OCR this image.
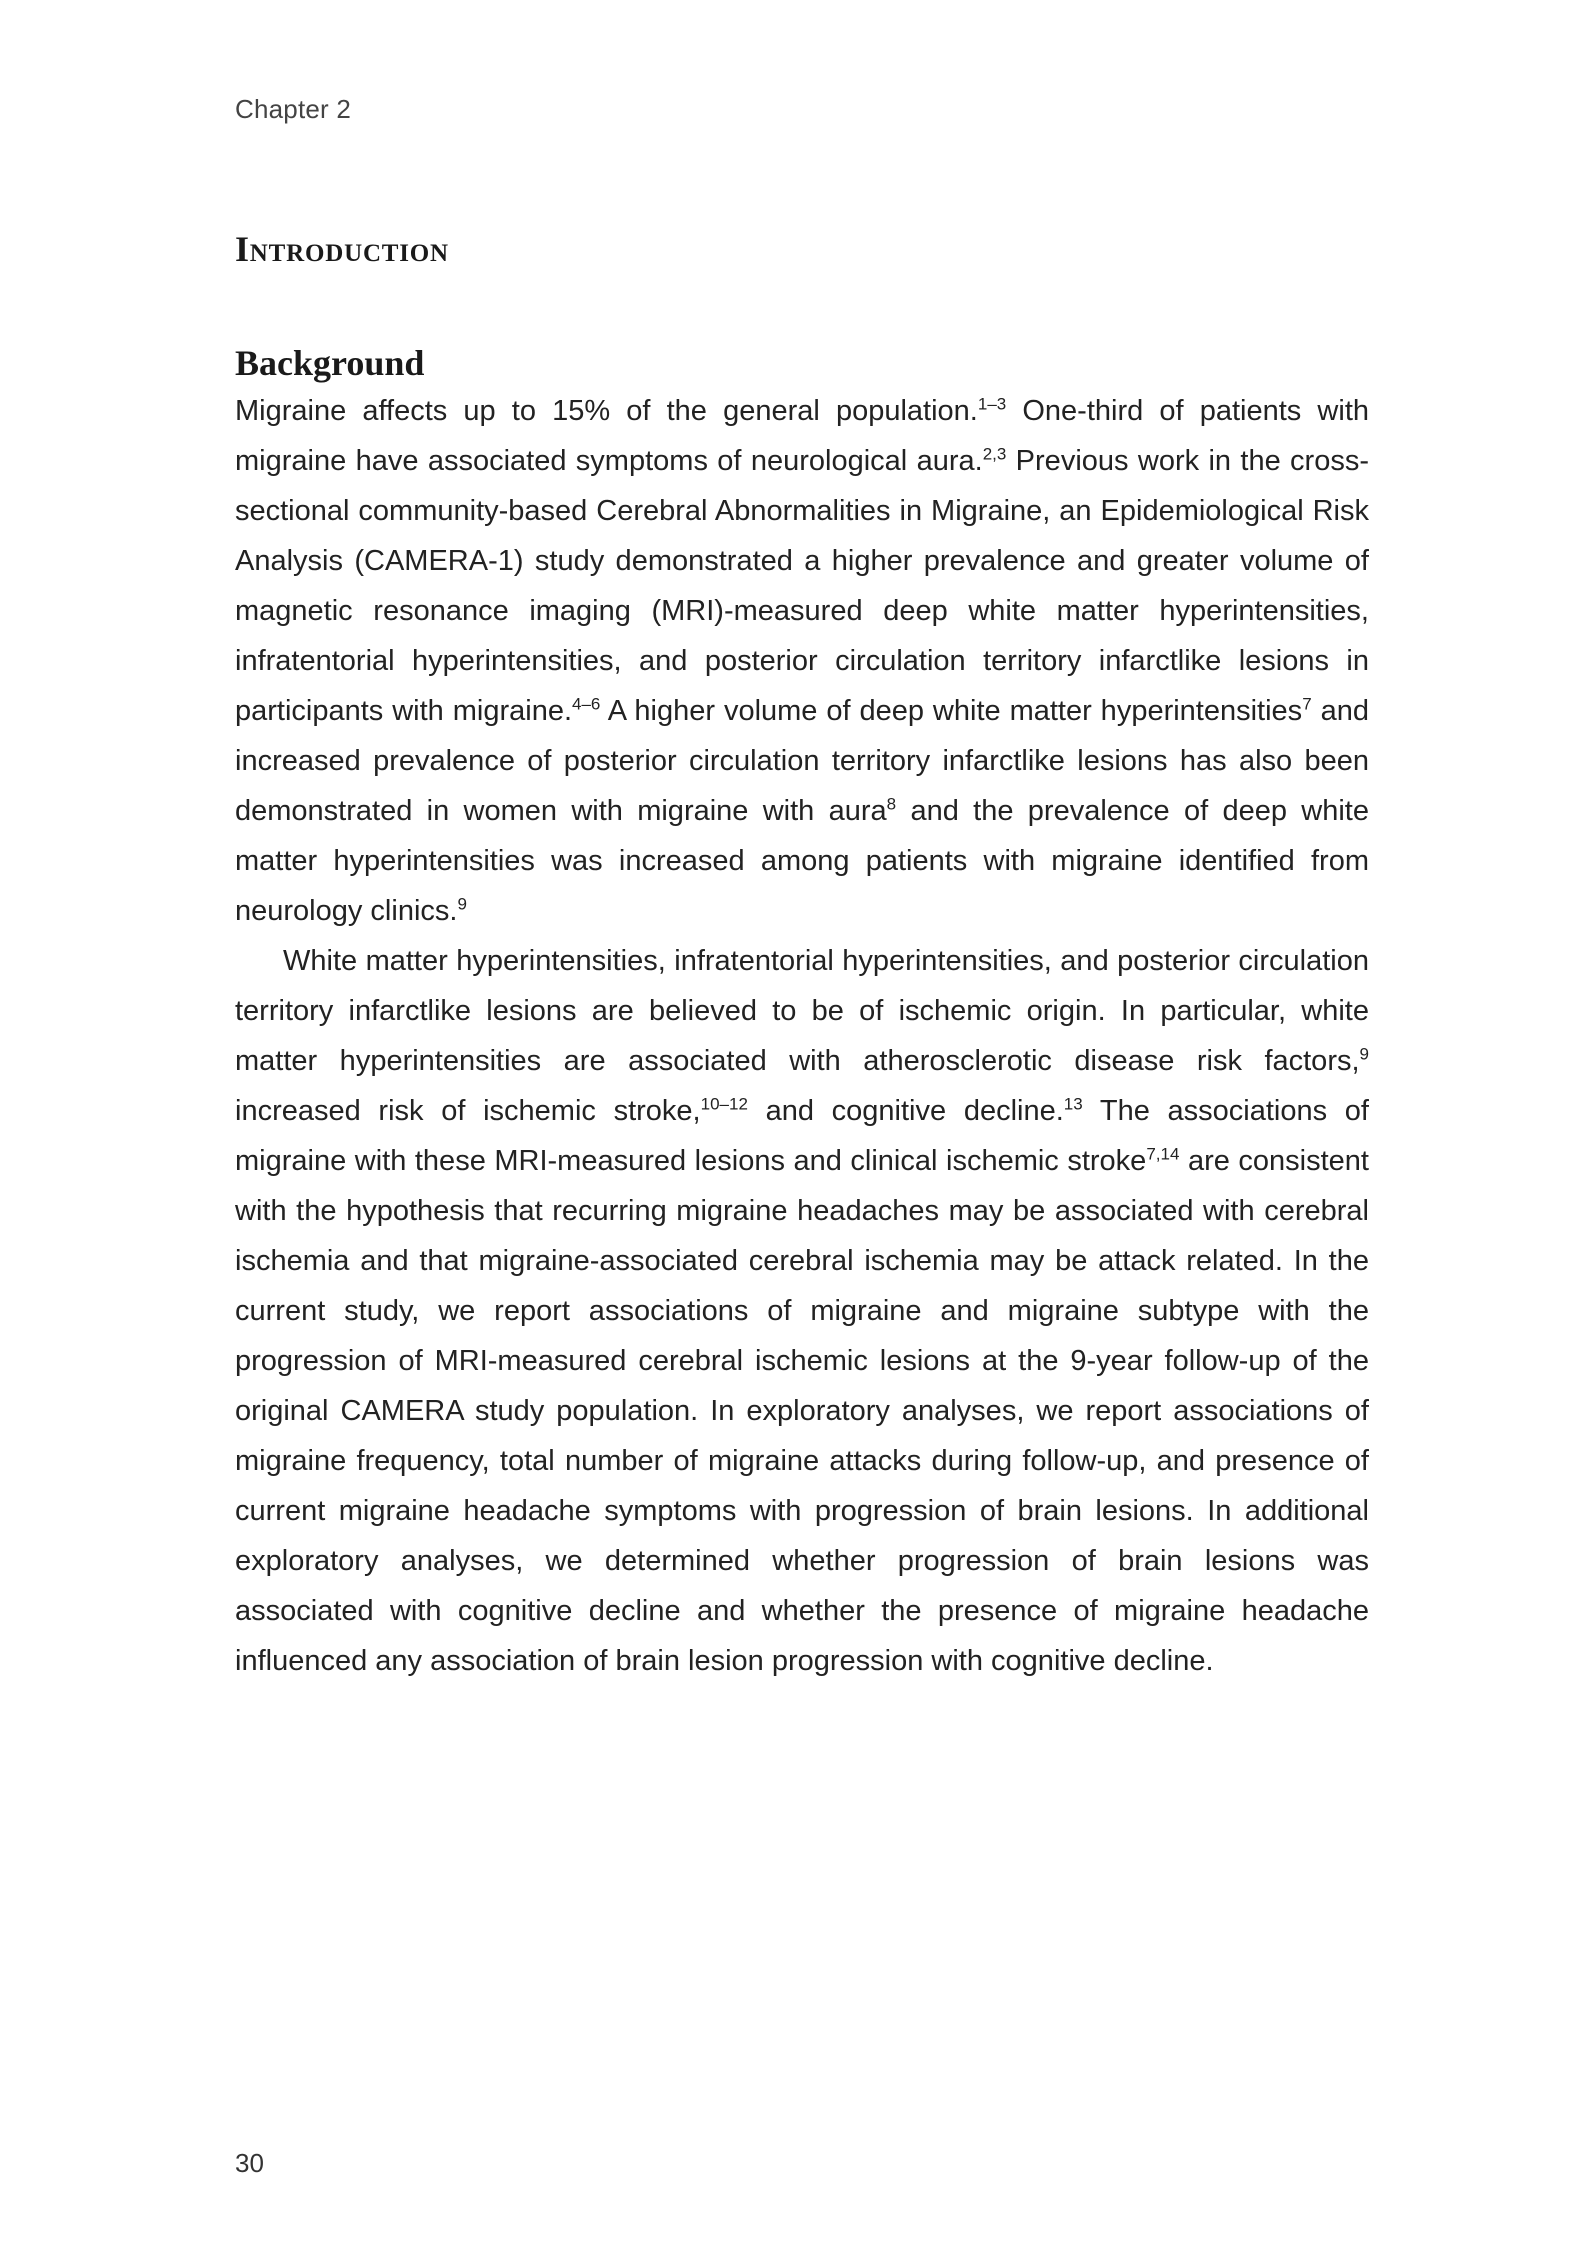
Chapter 2
Introduction
Background

Migraine affects up to 15% of the general population.$^{1-3}$ One-third of patients with migraine have associated symptoms of neurological aura.$^{2,3}$ Previous work in the cross-sectional community-based Cerebral Abnormalities in Migraine, an Epidemiological Risk Analysis (CAMERA-1) study demonstrated a higher prevalence and greater volume of magnetic resonance imaging (MRI)-measured deep white matter hyperintensities, infratentorial hyperintensities, and posterior circulation territory infarctlike lesions in participants with migraine.$^{4-6}$ A higher volume of deep white matter hyperintensities$^7$ and increased prevalence of posterior circulation territory infarctlike lesions has also been demonstrated in women with migraine with aura$^8$ and the prevalence of deep white matter hyperintensities was increased among patients with migraine identified from neurology clinics.$^9$

White matter hyperintensities, infratentorial hyperintensities, and posterior circulation territory infarctlike lesions are believed to be of ischemic origin. In particular, white matter hyperintensities are associated with atherosclerotic disease risk factors,$^9$ increased risk of ischemic stroke,$^{10-12}$ and cognitive decline.$^{13}$ The associations of migraine with these MRI-measured lesions and clinical ischemic stroke$^{7,14}$ are consistent with the hypothesis that recurring migraine headaches may be associated with cerebral ischemia and that migraine-associated cerebral ischemia may be attack related. In the current study, we report associations of migraine and migraine subtype with the progression of MRI-measured cerebral ischemic lesions at the 9-year follow-up of the original CAMERA study population. In exploratory analyses, we report associations of migraine frequency, total number of migraine attacks during follow-up, and presence of current migraine headache symptoms with progression of brain lesions. In additional exploratory analyses, we determined whether progression of brain lesions was associated with cognitive decline and whether the presence of migraine headache influenced any association of brain lesion progression with cognitive decline.

30
